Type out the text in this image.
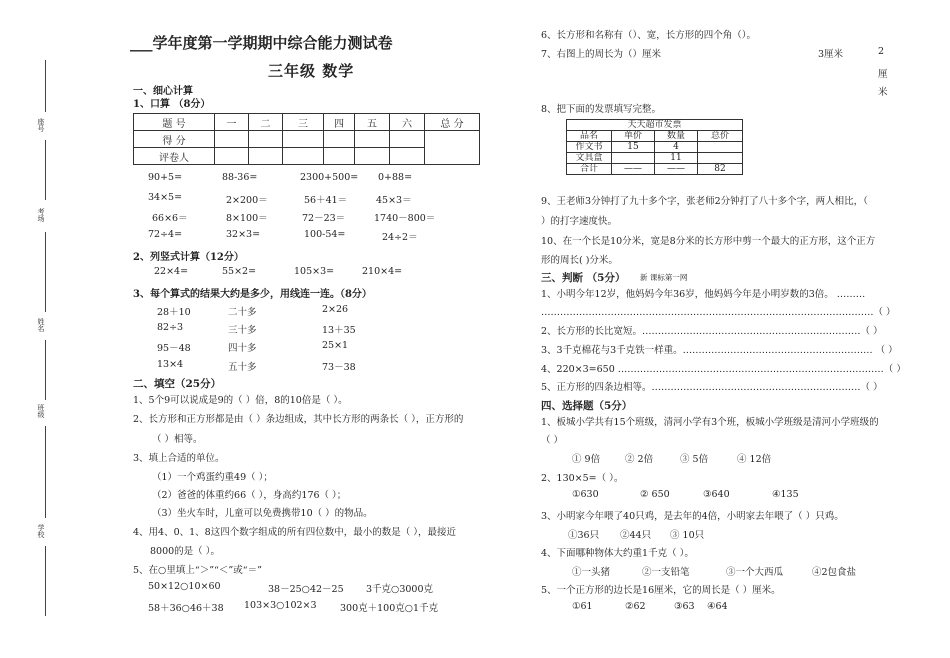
座号
考场
姓名
班级
学校
___学年度第一学期期中综合能力测试卷
三年级 数学
一、细心计算
1、口算 （8分）
题 号	一	二	三	四	五	六	总 分
得 分							
评卷人							
90+5=	88-36=	2300+500= 0+88=
34×5=	2×200＝	56＋41＝	45×3＝
66×6＝	8×100＝	72－23＝	1740－800＝
72÷4=	32×3=	100-54=	24÷2＝
2、列竖式计算（12分）
22×4=	55×2=	105×3=	210×4=
3、每个算式的结果大约是多少，用线连一连。（8分）
28＋10	二十多	2×26
82÷3	三十多	13＋35
95－48	四十多	25×1
13×4	五十多	73－38
二、填空（25分）
1、5个9可以说成是9的（ ）倍，8的10倍是（ ）。
2、长方形和正方形都是由（ ）条边组成，其中长方形的两条长（ ），正方形的
（ ）相等。
3、填上合适的单位。
（1）一个鸡蛋约重49（ ）；
（2）爸爸的体重约66（ ），身高约176（ ）；
（3）坐火车时，儿童可以免费携带10（ ）的物品。
4、用4、0、1、8这四个数字组成的所有四位数中，最小的数是（ ），最接近
8000的是（ ）。
5、在○里填上“＞”“＜”或“＝”
50×12○10×60	38－25○42－25 3千克○3000克
58＋36○46＋38 103×3○102×3 300克＋100克○1千克
6、长方形和名称有（）、宽，长方形的四个角（）。
7、右图上的周长为（）厘米	3厘米	2
厘
米
8、把下面的发票填写完整。
天天超市发票			
品名	单价	数量	总价
作文书	15	4	
文具盒		11	
合计	——	——	82
9、王老师3分钟打了九十多个字，张老师2分钟打了八十多个字，两人相比，（
）的打字速度快。
10、在一个长是10分米，宽是8分米的长方形中剪一个最大的正方形，这个正方
形的周长( )分米。
三、判断 （5分） 新 课标第一网
1、小明今年12岁，他妈妈今年36岁，他妈妈今年是小明岁数的3倍。 ………
……………………………………………………………………………………………（ ）
2、长方形的长比宽短。……………………………………………………………（ ）
3、3千克棉花与3千克铁一样重。…………………………………………………… （ ）
4、220×3=650 …………………………………………………………………………（ ）
5、正方形的四条边相等。…………………………………………………………（ ）
四、选择题（5分）
1、板城小学共有15个班级，清河小学有3个班，板城小学班级是清河小学班级的
（ ）
① 9倍	② 2倍	③ 5倍	④ 12倍
2、130×5=（ ）。
①630	② 650	③640	④135
3、小明家今年喂了40只鸡，是去年的4倍，小明家去年喂了（ ）只鸡。
①36只 ②44只 ③ 10只
4、下面哪种物体大约重1千克（ ）。
①一头猪	②一支铅笔	③一个大西瓜	④2包食盐
5、一个正方形的边长是16厘米，它的周长是（ ）厘米。
①61	②62	③63 ④64
